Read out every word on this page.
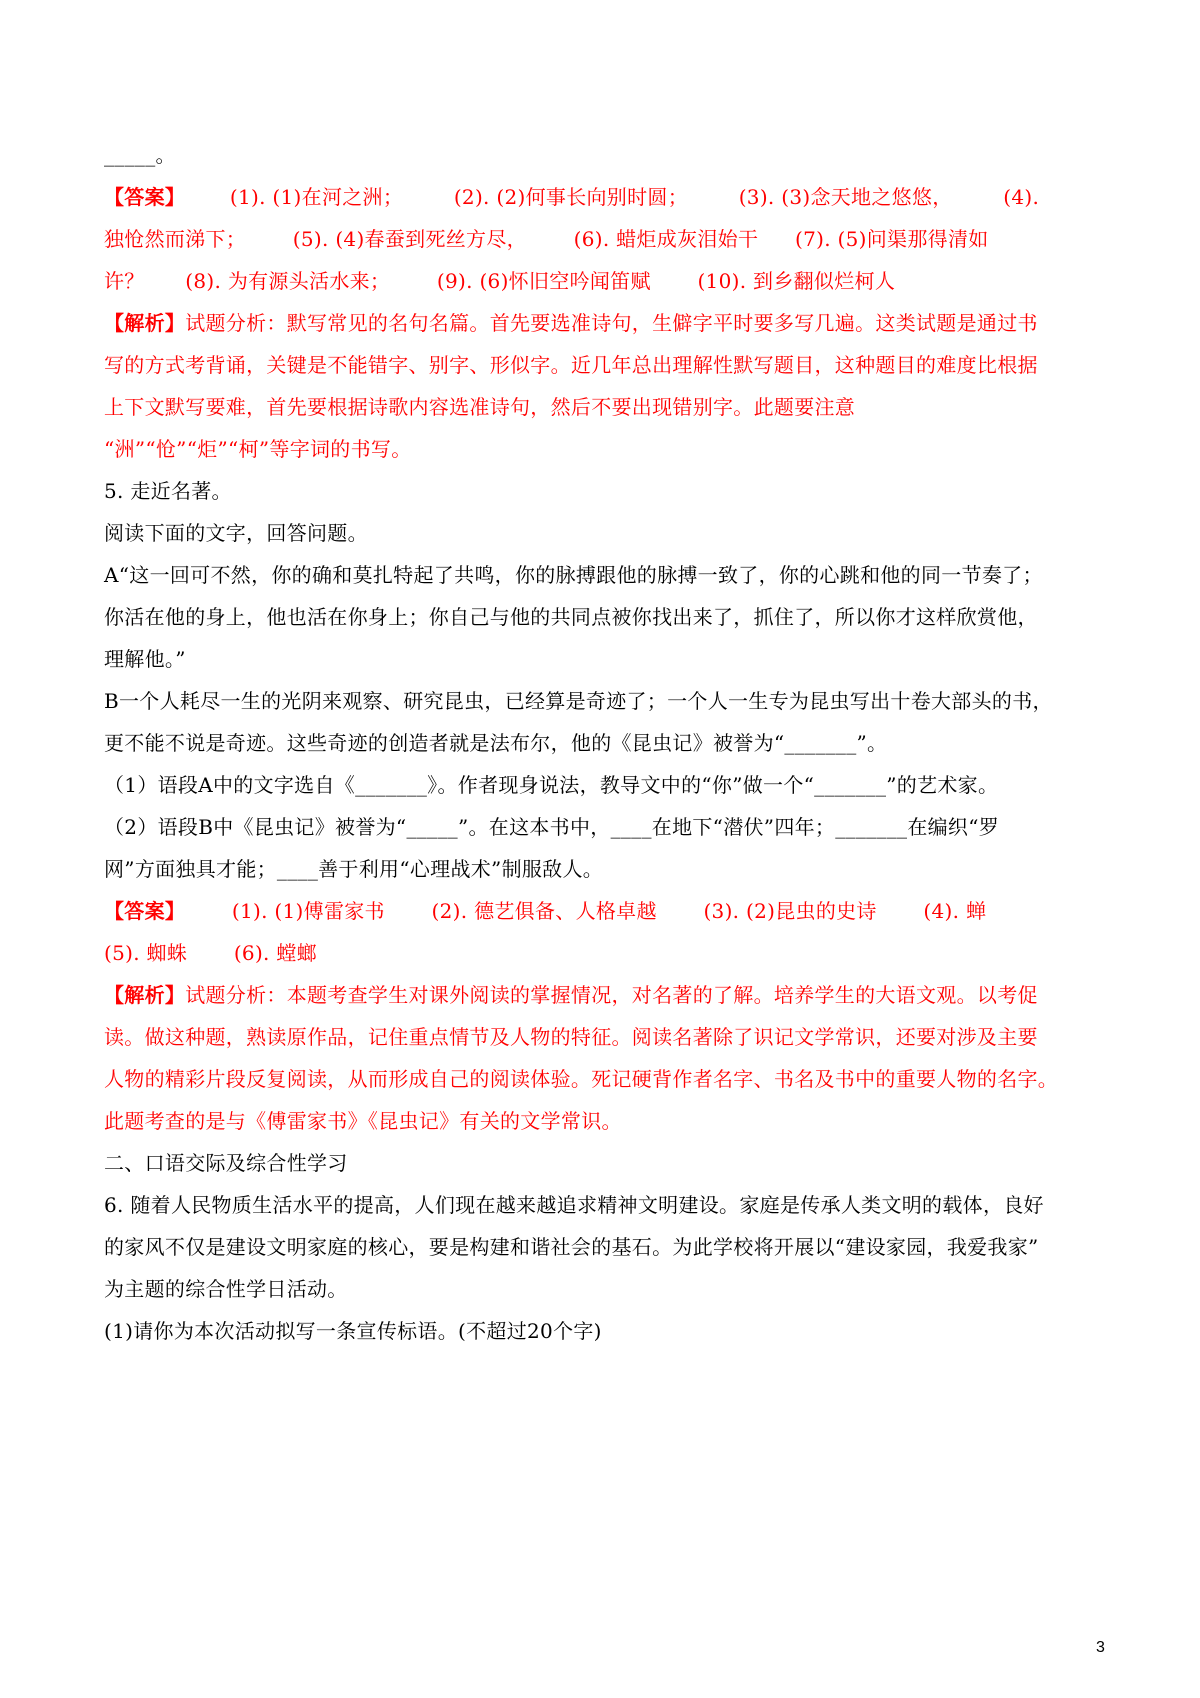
_____。
【答案】 (1). (1)在河之洲；	(2). (2)何事长向别时圆；	(3). (3)念天地之悠悠，	(4).
独怆然而涕下； (5). (4)春蚕到死丝方尽， (6). 蜡炬成灰泪始干 (7). (5)问渠那得清如
许？ (8). 为有源头活水来； (9). (6)怀旧空吟闻笛赋 (10). 到乡翻似烂柯人
【解析】试题分析：默写常见的名句名篇。首先要选准诗句，生僻字平时要多写几遍。这类试题是通过书
写的方式考背诵，关键是不能错字、别字、形似字。近几年总出理解性默写题目，这种题目的难度比根据
上下文默写要难，首先要根据诗歌内容选准诗句，然后不要出现错别字。此题要注意
“洲”“怆”“炬”“柯”等字词的书写。
5. 走近名著。
阅读下面的文字，回答问题。
A“这一回可不然，你的确和莫扎特起了共鸣，你的脉搏跟他的脉搏一致了，你的心跳和他的同一节奏了；
你活在他的身上，他也活在你身上；你自己与他的共同点被你找出来了，抓住了，所以你才这样欣赏他，
理解他。”
B一个人耗尽一生的光阴来观察、研究昆虫，已经算是奇迹了；一个人一生专为昆虫写出十卷大部头的书，
更不能不说是奇迹。这些奇迹的创造者就是法布尔，他的《昆虫记》被誉为“_______”。
（1）语段A中的文字选自《_______》。作者现身说法，教导文中的“你”做一个“_______”的艺术家。
（2）语段B中《昆虫记》被誉为“_____”。在这本书中，____在地下“潜伏”四年；_______在编织“罗
网”方面独具才能；____善于利用“心理战术”制服敌人。
【答案】 (1). (1)傅雷家书 (2). 德艺俱备、人格卓越 (3). (2)昆虫的史诗 (4). 蝉
(5). 蜘蛛 (6). 螳螂
【解析】试题分析：本题考查学生对课外阅读的掌握情况，对名著的了解。培养学生的大语文观。以考促
读。做这种题，熟读原作品，记住重点情节及人物的特征。阅读名著除了识记文学常识，还要对涉及主要
人物的精彩片段反复阅读，从而形成自己的阅读体验。死记硬背作者名字、书名及书中的重要人物的名字。
此题考查的是与《傅雷家书》《昆虫记》有关的文学常识。
二、口语交际及综合性学习
6. 随着人民物质生活水平的提高，人们现在越来越追求精神文明建设。家庭是传承人类文明的载体，良好
的家风不仅是建设文明家庭的核心，要是构建和谐社会的基石。为此学校将开展以“建设家园，我爱我家”
为主题的综合性学日活动。
(1)请你为本次活动拟写一条宣传标语。(不超过20个字)
3
